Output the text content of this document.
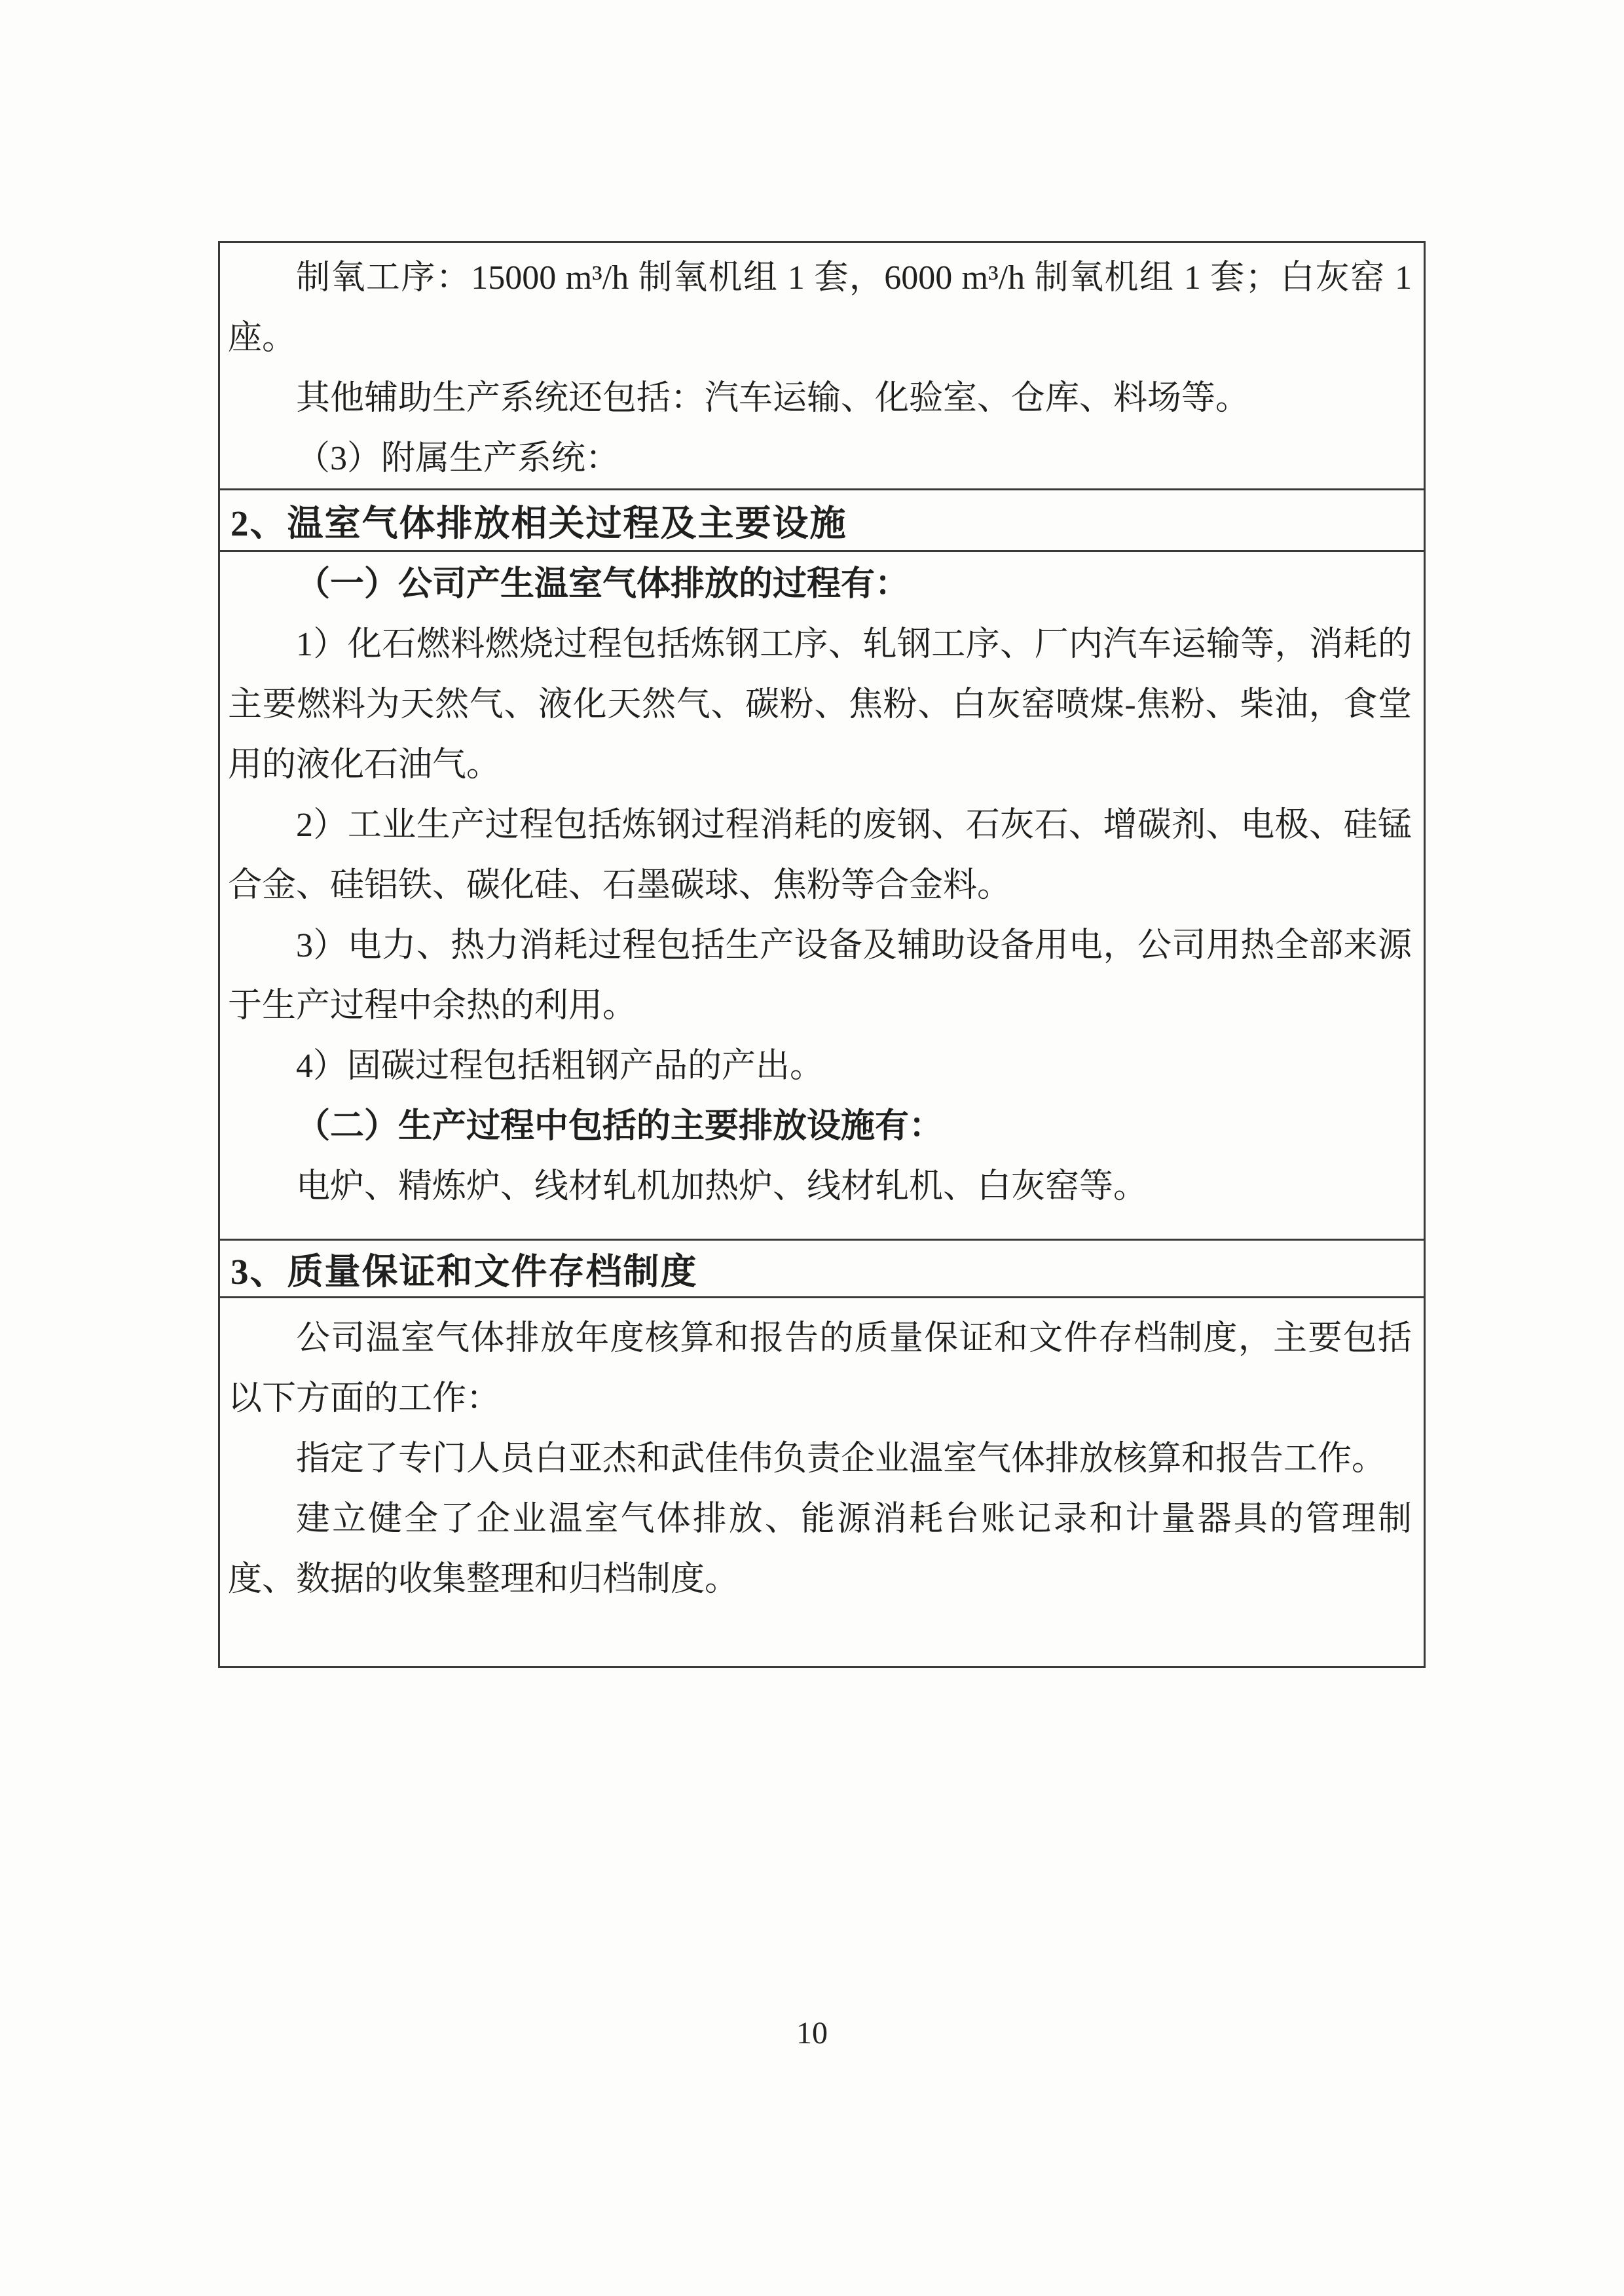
制氧工序：15000 m³/h 制氧机组 1 套，6000 m³/h 制氧机组 1 套；白灰窑 1 座。

其他辅助生产系统还包括：汽车运输、化验室、仓库、料场等。

（3）附属生产系统：

2、温室气体排放相关过程及主要设施

（一）公司产生温室气体排放的过程有：

1）化石燃料燃烧过程包括炼钢工序、轧钢工序、厂内汽车运输等，消耗的主要燃料为天然气、液化天然气、碳粉、焦粉、白灰窑喷煤-焦粉、柴油，食堂用的液化石油气。

2）工业生产过程包括炼钢过程消耗的废钢、石灰石、增碳剂、电极、硅锰合金、硅铝铁、碳化硅、石墨碳球、焦粉等合金料。

3）电力、热力消耗过程包括生产设备及辅助设备用电，公司用热全部来源于生产过程中余热的利用。

4）固碳过程包括粗钢产品的产出。

（二）生产过程中包括的主要排放设施有：

电炉、精炼炉、线材轧机加热炉、线材轧机、白灰窑等。

3、质量保证和文件存档制度

公司温室气体排放年度核算和报告的质量保证和文件存档制度，主要包括以下方面的工作：

指定了专门人员白亚杰和武佳伟负责企业温室气体排放核算和报告工作。

建立健全了企业温室气体排放、能源消耗台账记录和计量器具的管理制度、数据的收集整理和归档制度。

10
